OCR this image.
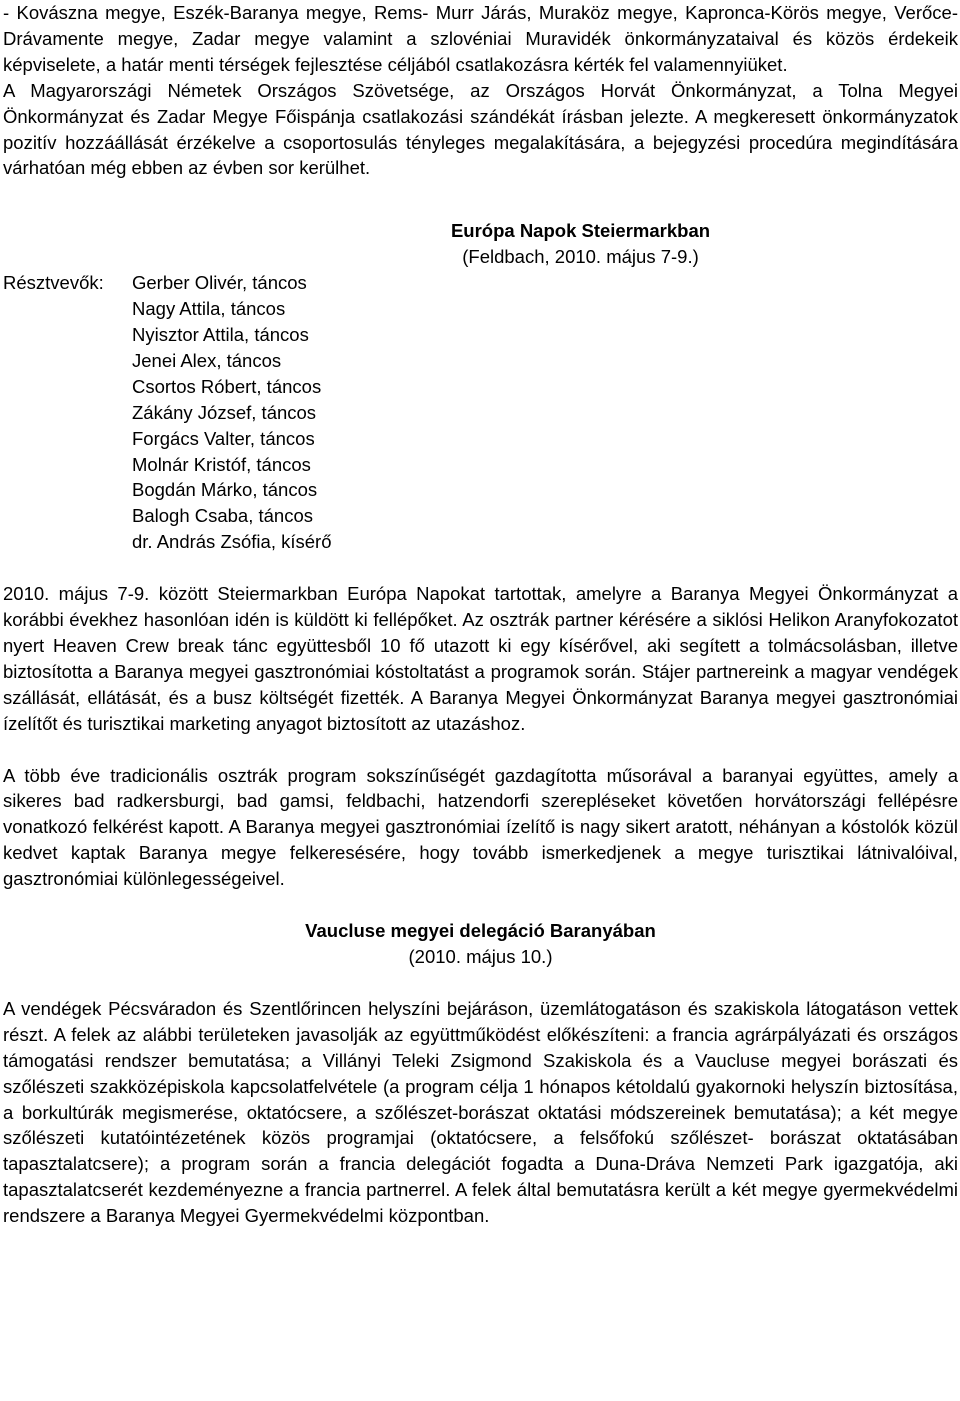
- Kovászna megye, Eszék-Baranya megye, Rems- Murr Járás, Muraköz megye, Kapronca-Körös megye, Verőce-Drávamente megye, Zadar megye valamint a szlovéniai Muravidék önkormányzataival és közös érdekeik képviselete, a határ menti térségek fejlesztése céljából csatlakozásra kérték fel valamennyiüket.

A Magyarországi Németek Országos Szövetsége, az Országos Horvát Önkormányzat, a Tolna Megyei Önkormányzat és Zadar Megye Főispánja csatlakozási szándékát írásban jelezte. A megkeresett önkormányzatok pozitív hozzáállását érzékelve a csoportosulás tényleges megalakítására, a bejegyzési procedúra megindítására várhatóan még ebben az évben sor kerülhet.

Európa Napok Steiermarkban
(Feldbach, 2010. május 7-9.)
Résztvevők:	Gerber Olivér, táncos
Nagy Attila, táncos
Nyisztor Attila, táncos
Jenei Alex, táncos
Csortos Róbert, táncos
Zákány József, táncos
Forgács Valter, táncos
Molnár Kristóf, táncos
Bogdán Márko, táncos
Balogh Csaba, táncos
dr. András Zsófia, kísérő

2010. május 7-9. között Steiermarkban Európa Napokat tartottak, amelyre a Baranya Megyei Önkormányzat a korábbi évekhez hasonlóan idén is küldött ki fellépőket. Az osztrák partner kérésére a siklósi Helikon Aranyfokozatot nyert Heaven Crew break tánc együttesből 10 fő utazott ki egy kísérővel, aki segített a tolmácsolásban, illetve biztosította a Baranya megyei gasztronómiai kóstoltatást a programok során. Stájer partnereink a magyar vendégek szállását, ellátását, és a busz költségét fizették. A Baranya Megyei Önkormányzat Baranya megyei gasztronómiai ízelítőt és turisztikai marketing anyagot biztosított az utazáshoz.

A több éve tradicionális osztrák program sokszínűségét gazdagította műsorával a baranyai együttes, amely a sikeres bad radkersburgi, bad gamsi, feldbachi, hatzendorfi szerepléseket követően horvátországi fellépésre vonatkozó felkérést kapott. A Baranya megyei gasztronómiai ízelítő is nagy sikert aratott, néhányan a kóstolók közül kedvet kaptak Baranya megye felkeresésére, hogy tovább ismerkedjenek a megye turisztikai látnivalóival, gasztronómiai különlegességeivel.

Vaucluse megyei delegáció Baranyában
(2010. május 10.)

A vendégek Pécsváradon és Szentlőrincen helyszíni bejáráson, üzemlátogatáson és szakiskola látogatáson vettek részt. A felek az alábbi területeken javasolják az együttműködést előkészíteni: a francia agrárpályázati és országos támogatási rendszer bemutatása; a Villányi Teleki Zsigmond Szakiskola és a Vaucluse megyei borászati és szőlészeti szakközépiskola kapcsolatfelvétele (a program célja 1 hónapos kétoldalú gyakornoki helyszín biztosítása, a borkultúrák megismerése, oktatócsere, a szőlészet-borászat oktatási módszereinek bemutatása); a két megye szőlészeti kutatóintézetének közös programjai (oktatócsere, a felsőfokú szőlészet- borászat oktatásában tapasztalatcsere); a program során a francia delegációt fogadta a Duna-Dráva Nemzeti Park igazgatója, aki tapasztalatcserét kezdeményezne a francia partnerrel. A felek által bemutatásra került a két megye gyermekvédelmi rendszere a Baranya Megyei Gyermekvédelmi központban.
